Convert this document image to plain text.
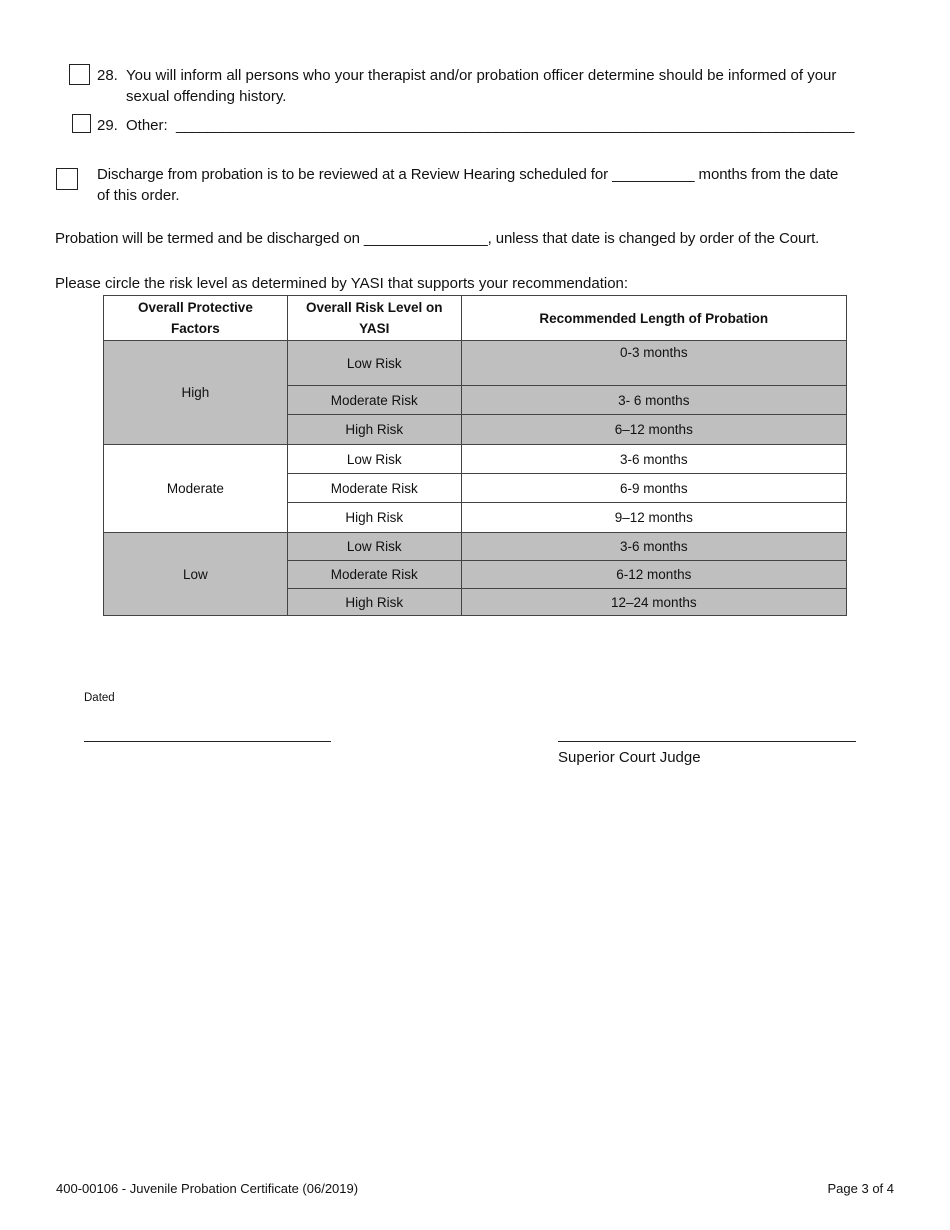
28. You will inform all persons who your therapist and/or probation officer determine should be informed of your
sexual offending history.
29. Other: _______________________________________________________________________________________
Discharge from probation is to be reviewed at a Review Hearing scheduled for __________ months from the date
of this order.
Probation will be termed and be discharged on _______________, unless that date is changed by order of the Court.
Please circle the risk level as determined by YASI that supports your recommendation:
Overall Protective Factors	Overall Risk Level on YASI	Recommended Length of Probation
High	Low Risk	0-3 months
	Moderate Risk	3- 6 months
	High Risk	6–12 months
Moderate	Low Risk	3-6 months
	Moderate Risk	6-9 months
	High Risk	9–12 months
Low	Low Risk	3-6 months
	Moderate Risk	6-12 months
	High Risk	12–24 months
Dated
Superior Court Judge
400-00106 - Juvenile Probation Certificate (06/2019)	Page 3 of 4
